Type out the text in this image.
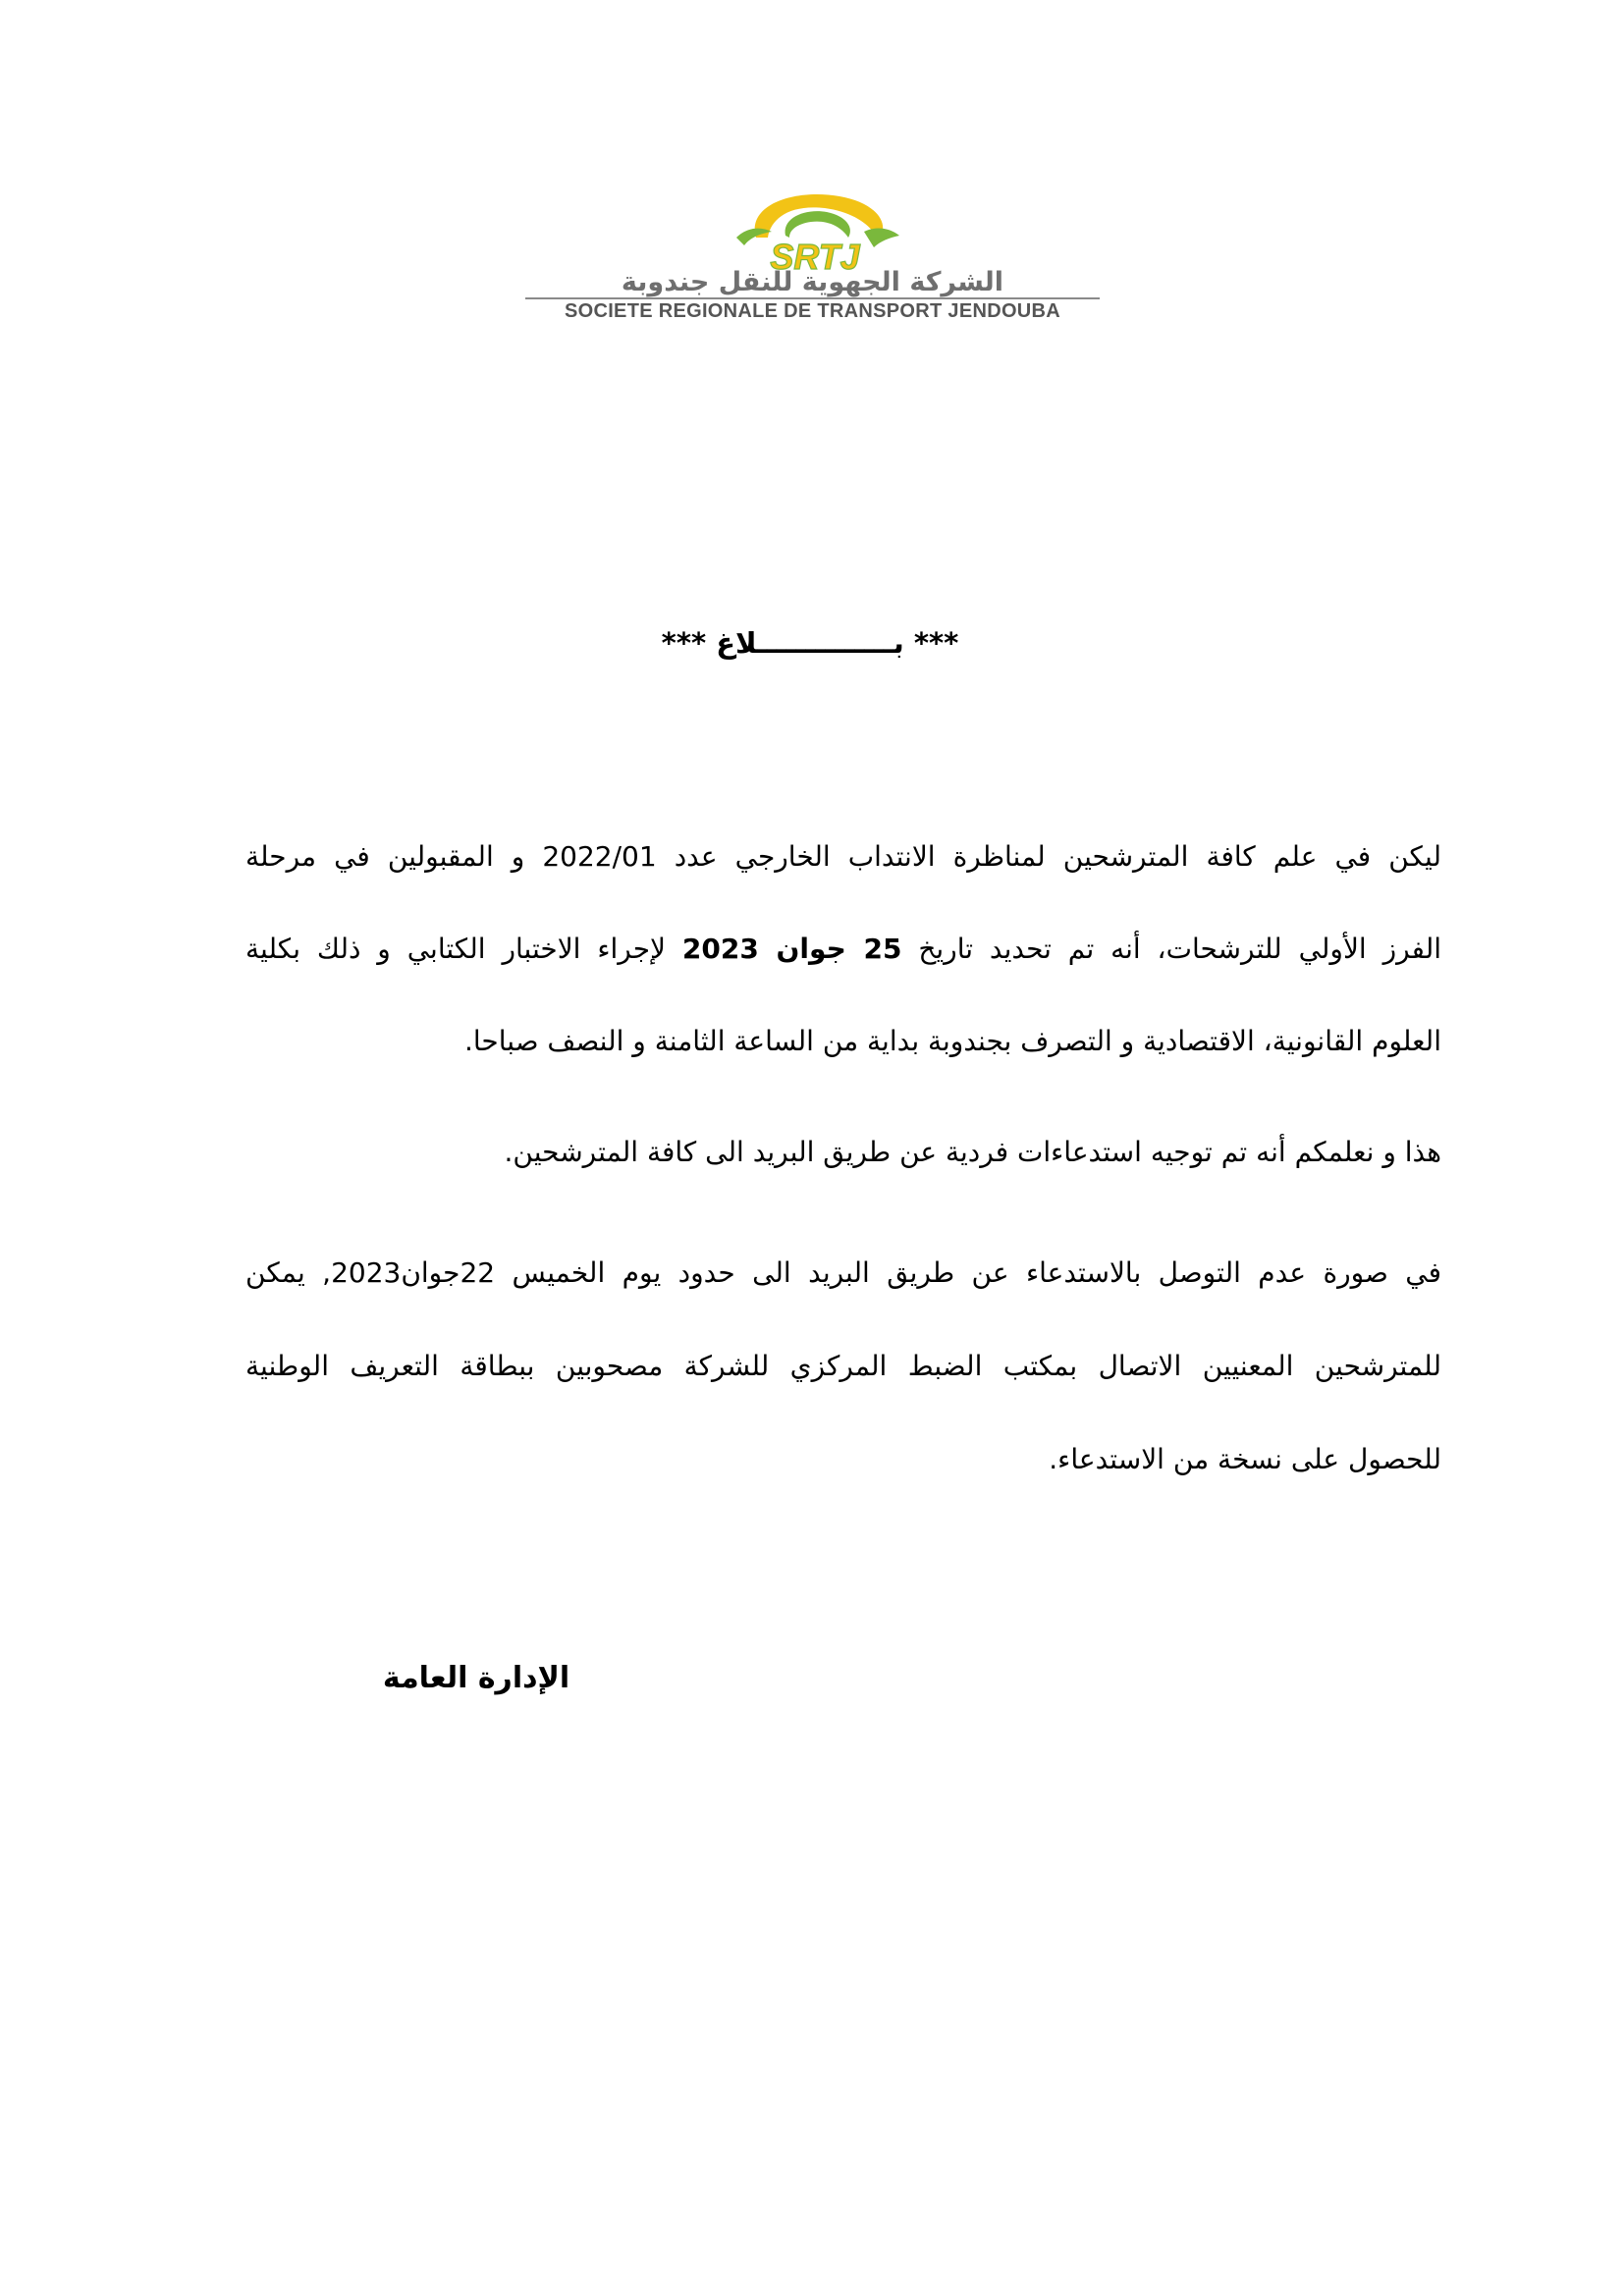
SRTJ
الشركة الجهوية للنقل جندوبة
SOCIETE REGIONALE DE TRANSPORT JENDOUBA
*** بــــــــــــــلاغ ***
ليكن في علم كافة المترشحين لمناظرة الانتداب الخارجي عدد 2022/01 و المقبولين في مرحلة
الفرز الأولي للترشحات، أنه تم تحديد تاريخ 25 جوان 2023 لإجراء الاختبار الكتابي و ذلك بكلية
العلوم القانونية، الاقتصادية و التصرف بجندوبة بداية من الساعة الثامنة و النصف صباحا.
هذا و نعلمكم أنه تم توجيه استدعاءات فردية عن طريق البريد الى كافة المترشحين.
في صورة عدم التوصل بالاستدعاء عن طريق البريد الى حدود يوم الخميس 22جوان2023, يمكن
للمترشحين المعنيين الاتصال بمكتب الضبط المركزي للشركة مصحوبين ببطاقة التعريف الوطنية
للحصول على نسخة من الاستدعاء.
الإدارة العامة
